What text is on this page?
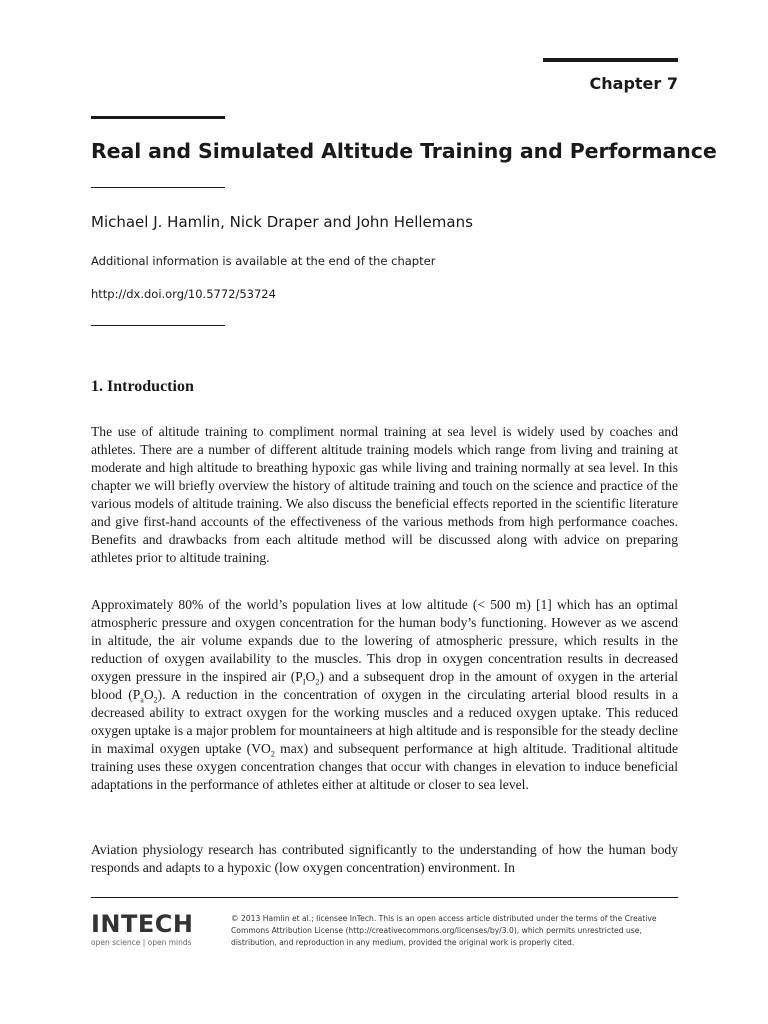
Chapter 7
Real and Simulated Altitude Training and Performance

Michael J. Hamlin, Nick Draper and John Hellemans

Additional information is available at the end of the chapter

http://dx.doi.org/10.5772/53724

1. Introduction

The use of altitude training to compliment normal training at sea level is widely used by coaches and athletes. There are a number of different altitude training models which range from living and training at moderate and high altitude to breathing hypoxic gas while living and training normally at sea level. In this chapter we will briefly overview the history of altitude training and touch on the science and practice of the various models of altitude training. We also discuss the beneficial effects reported in the scientific literature and give first-hand accounts of the effectiveness of the various methods from high performance coaches. Benefits and drawbacks from each altitude method will be discussed along with advice on preparing athletes prior to altitude training.

Approximately 80% of the world’s population lives at low altitude (< 500 m) [1] which has an optimal atmospheric pressure and oxygen concentration for the human body’s functioning. However as we ascend in altitude, the air volume expands due to the lowering of atmospheric pressure, which results in the reduction of oxygen availability to the muscles. This drop in oxygen concentration results in decreased oxygen pressure in the inspired air $(P_IO_2)$ and a subsequent drop in the amount of oxygen in the arterial blood $(P_aO_2)$. A reduction in the concentration of oxygen in the circulating arterial blood results in a decreased ability to extract oxygen for the working muscles and a reduced oxygen uptake. This reduced oxygen uptake is a major problem for mountaineers at high altitude and is responsible for the steady decline in maximal oxygen uptake ($VO_2$ max) and subsequent performance at high altitude. Traditional altitude training uses these oxygen concentration changes that occur with changes in elevation to induce beneficial adaptations in the performance of athletes either at altitude or closer to sea level.

Aviation physiology research has contributed significantly to the understanding of how the human body responds and adapts to a hypoxic (low oxygen concentration) environment. In

INTECH
open science | open minds

© 2013 Hamlin et al.; licensee InTech. This is an open access article distributed under the terms of the Creative Commons Attribution License (http://creativecommons.org/licenses/by/3.0), which permits unrestricted use, distribution, and reproduction in any medium, provided the original work is properly cited.
